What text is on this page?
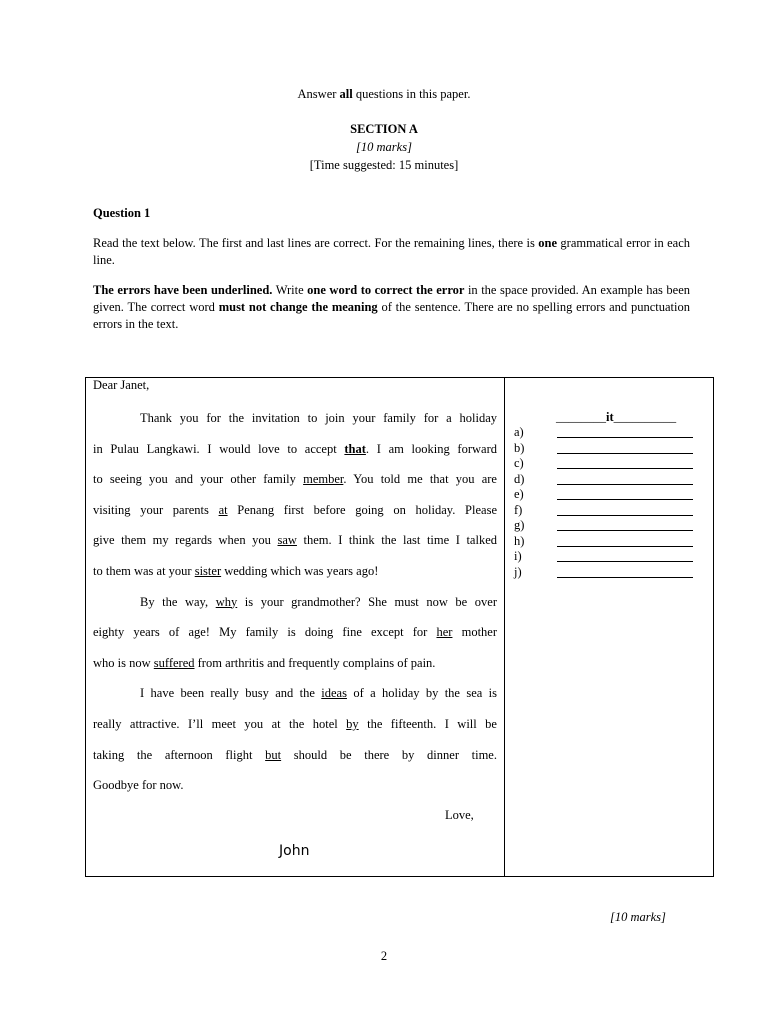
Answer all questions in this paper.
SECTION A
[10 marks]
[Time suggested: 15 minutes]
Question 1
Read the text below. The first and last lines are correct. For the remaining lines, there is one grammatical error in each line.
The errors have been underlined. Write one word to correct the error in the space provided. An example has been given. The correct word must not change the meaning of the sentence. There are no spelling errors and punctuation errors in the text.
Dear Janet,
Thank you for the invitation to join your family for a holiday
in Pulau Langkawi. I would love to accept that. I am looking forward
to seeing you and your other family member. You told me that you are
visiting your parents at Penang first before going on holiday. Please
give them my regards when you saw them. I think the last time I talked
to them was at your sister wedding which was years ago!
By the way, why is your grandmother? She must now be over
eighty years of age! My family is doing fine except for her mother
who is now suffered from arthritis and frequently complains of pain.
I have been really busy and the ideas of a holiday by the sea is
really attractive. I’ll meet you at the hotel by the fifteenth. I will be
taking the afternoon flight but should be there by dinner time.
Goodbye for now.
Love,
John
________it__________
a)
b)
c)
d)
e)
f)
g)
h)
i)
j)
[10 marks]
2
